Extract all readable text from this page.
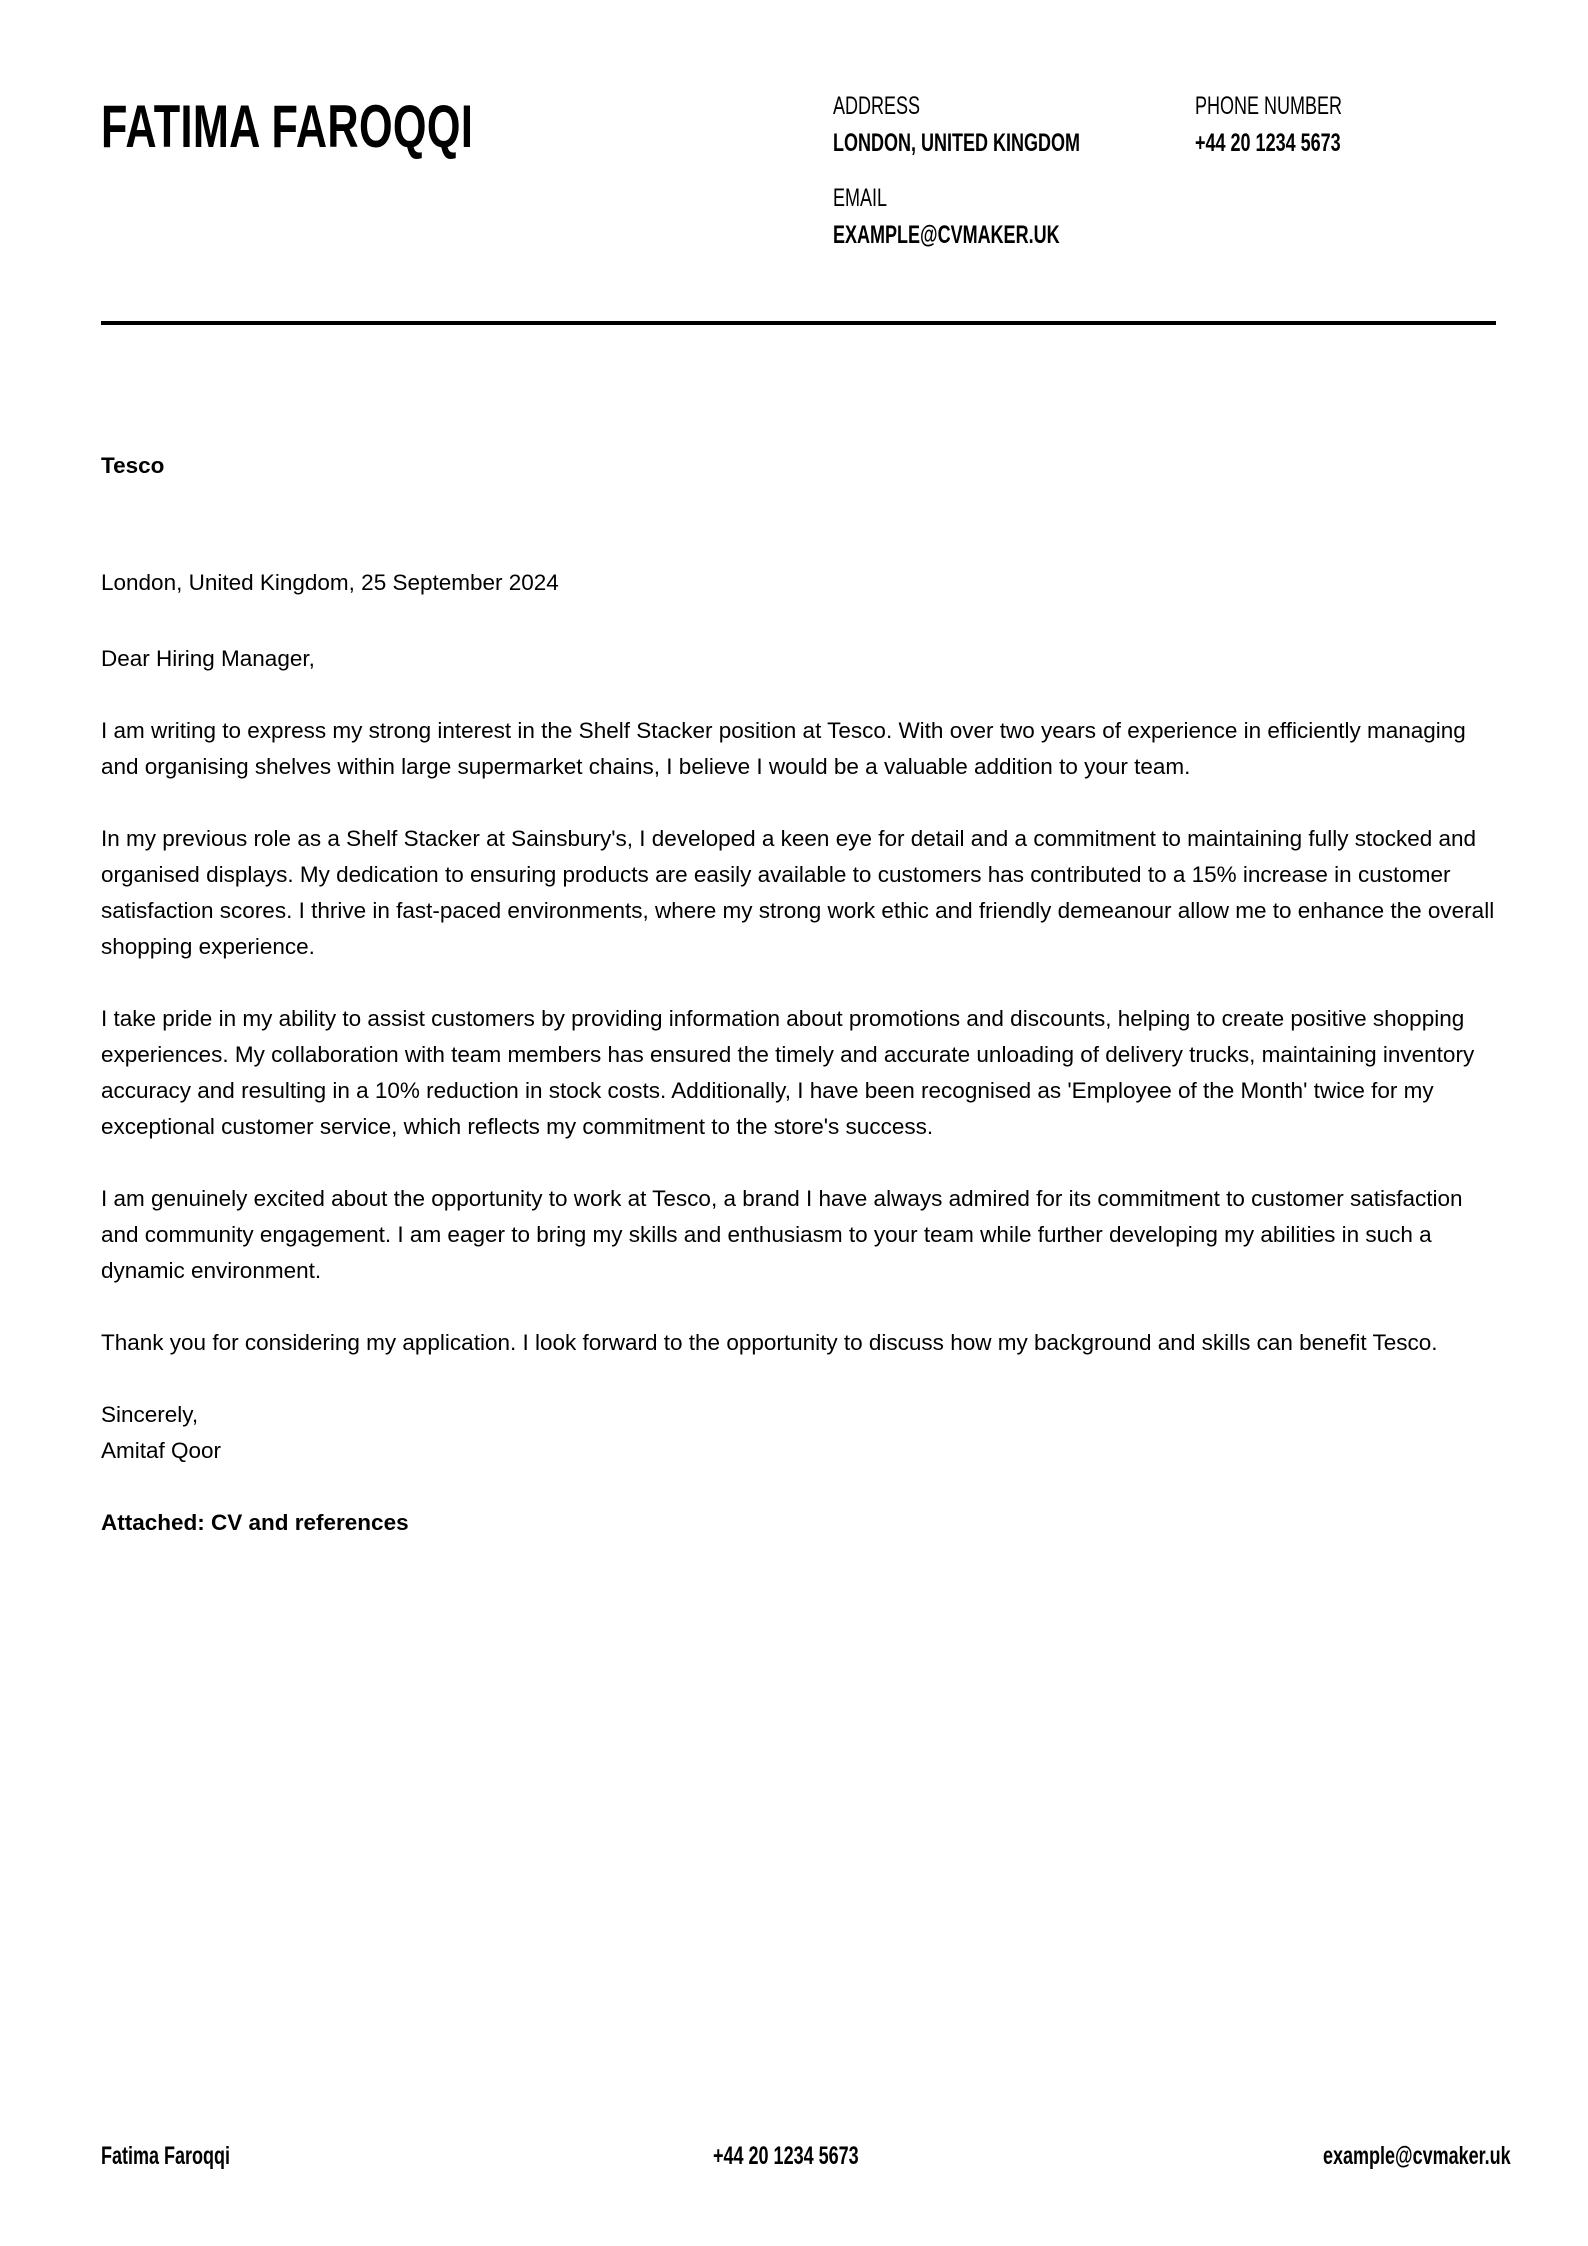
FATIMA FAROQQI	ADDRESS
LONDON, UNITED KINGDOM
PHONE NUMBER
+44 20 1234 5673
EMAIL
EXAMPLE@CVMAKER.UK

Tesco

London, United Kingdom, 25 September 2024

Dear Hiring Manager,

I am writing to express my strong interest in the Shelf Stacker position at Tesco. With over two years of experience in efficiently managing and organising shelves within large supermarket chains, I believe I would be a valuable addition to your team.

In my previous role as a Shelf Stacker at Sainsbury's, I developed a keen eye for detail and a commitment to maintaining fully stocked and organised displays. My dedication to ensuring products are easily available to customers has contributed to a 15% increase in customer satisfaction scores. I thrive in fast-paced environments, where my strong work ethic and friendly demeanour allow me to enhance the overall shopping experience.

I take pride in my ability to assist customers by providing information about promotions and discounts, helping to create positive shopping experiences. My collaboration with team members has ensured the timely and accurate unloading of delivery trucks, maintaining inventory accuracy and resulting in a 10% reduction in stock costs. Additionally, I have been recognised as 'Employee of the Month' twice for my exceptional customer service, which reflects my commitment to the store's success.

I am genuinely excited about the opportunity to work at Tesco, a brand I have always admired for its commitment to customer satisfaction and community engagement. I am eager to bring my skills and enthusiasm to your team while further developing my abilities in such a dynamic environment.

Thank you for considering my application. I look forward to the opportunity to discuss how my background and skills can benefit Tesco.

Sincerely,

Amitaf Qoor

Attached: CV and references

Fatima Faroqqi	+44 20 1234 5673	example@cvmaker.uk
